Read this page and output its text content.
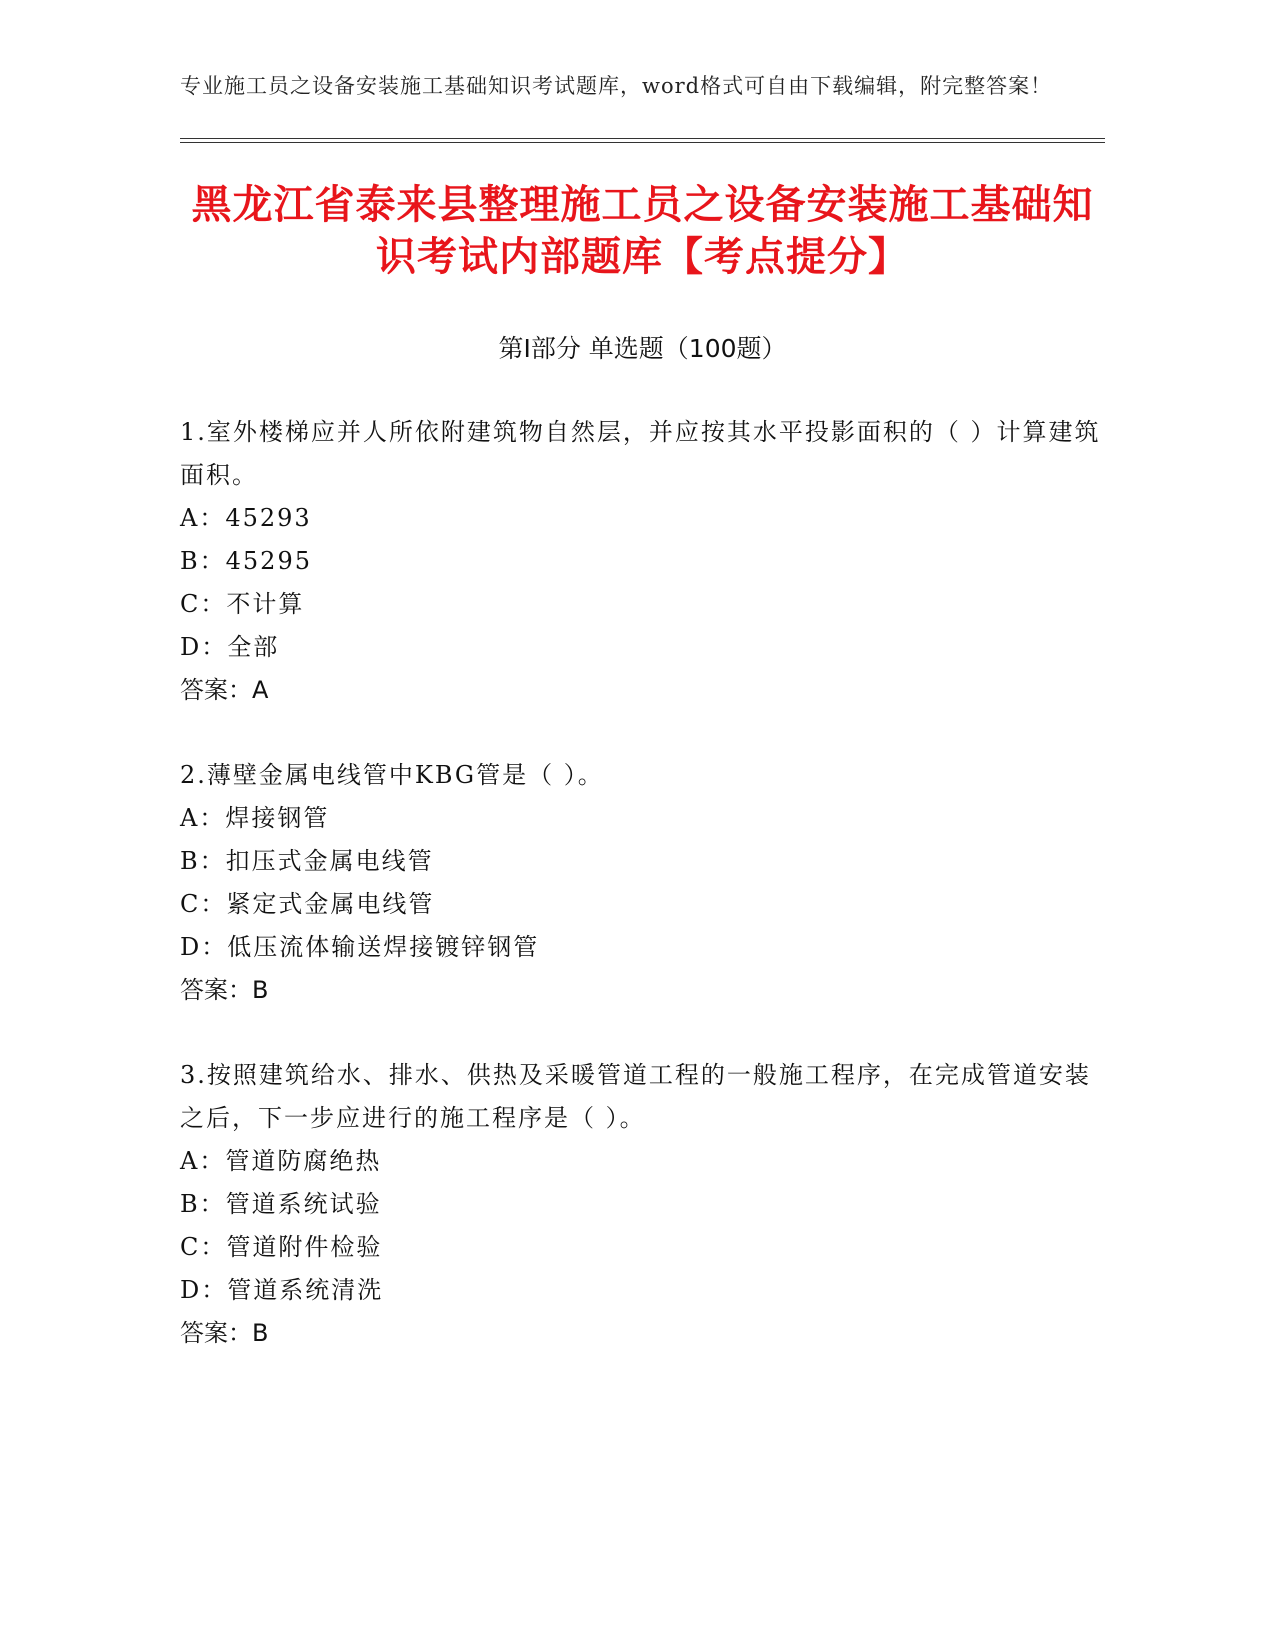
专业施工员之设备安装施工基础知识考试题库，word格式可自由下载编辑，附完整答案！

黑龙江省泰来县整理施工员之设备安装施工基础知识考试内部题库【考点提分】
第Ⅰ部分 单选题（100题）

1.室外楼梯应并人所依附建筑物自然层，并应按其水平投影面积的（ ）计算建筑面积。

A：45293

B：45295

C：不计算

D：全部

答案：A

2.薄壁金属电线管中KBG管是（ ）。

A：焊接钢管

B：扣压式金属电线管

C：紧定式金属电线管

D：低压流体输送焊接镀锌钢管

答案：B

3.按照建筑给水、排水、供热及采暖管道工程的一般施工程序，在完成管道安装之后，下一步应进行的施工程序是（ ）。

A：管道防腐绝热

B：管道系统试验

C：管道附件检验

D：管道系统清洗

答案：B
